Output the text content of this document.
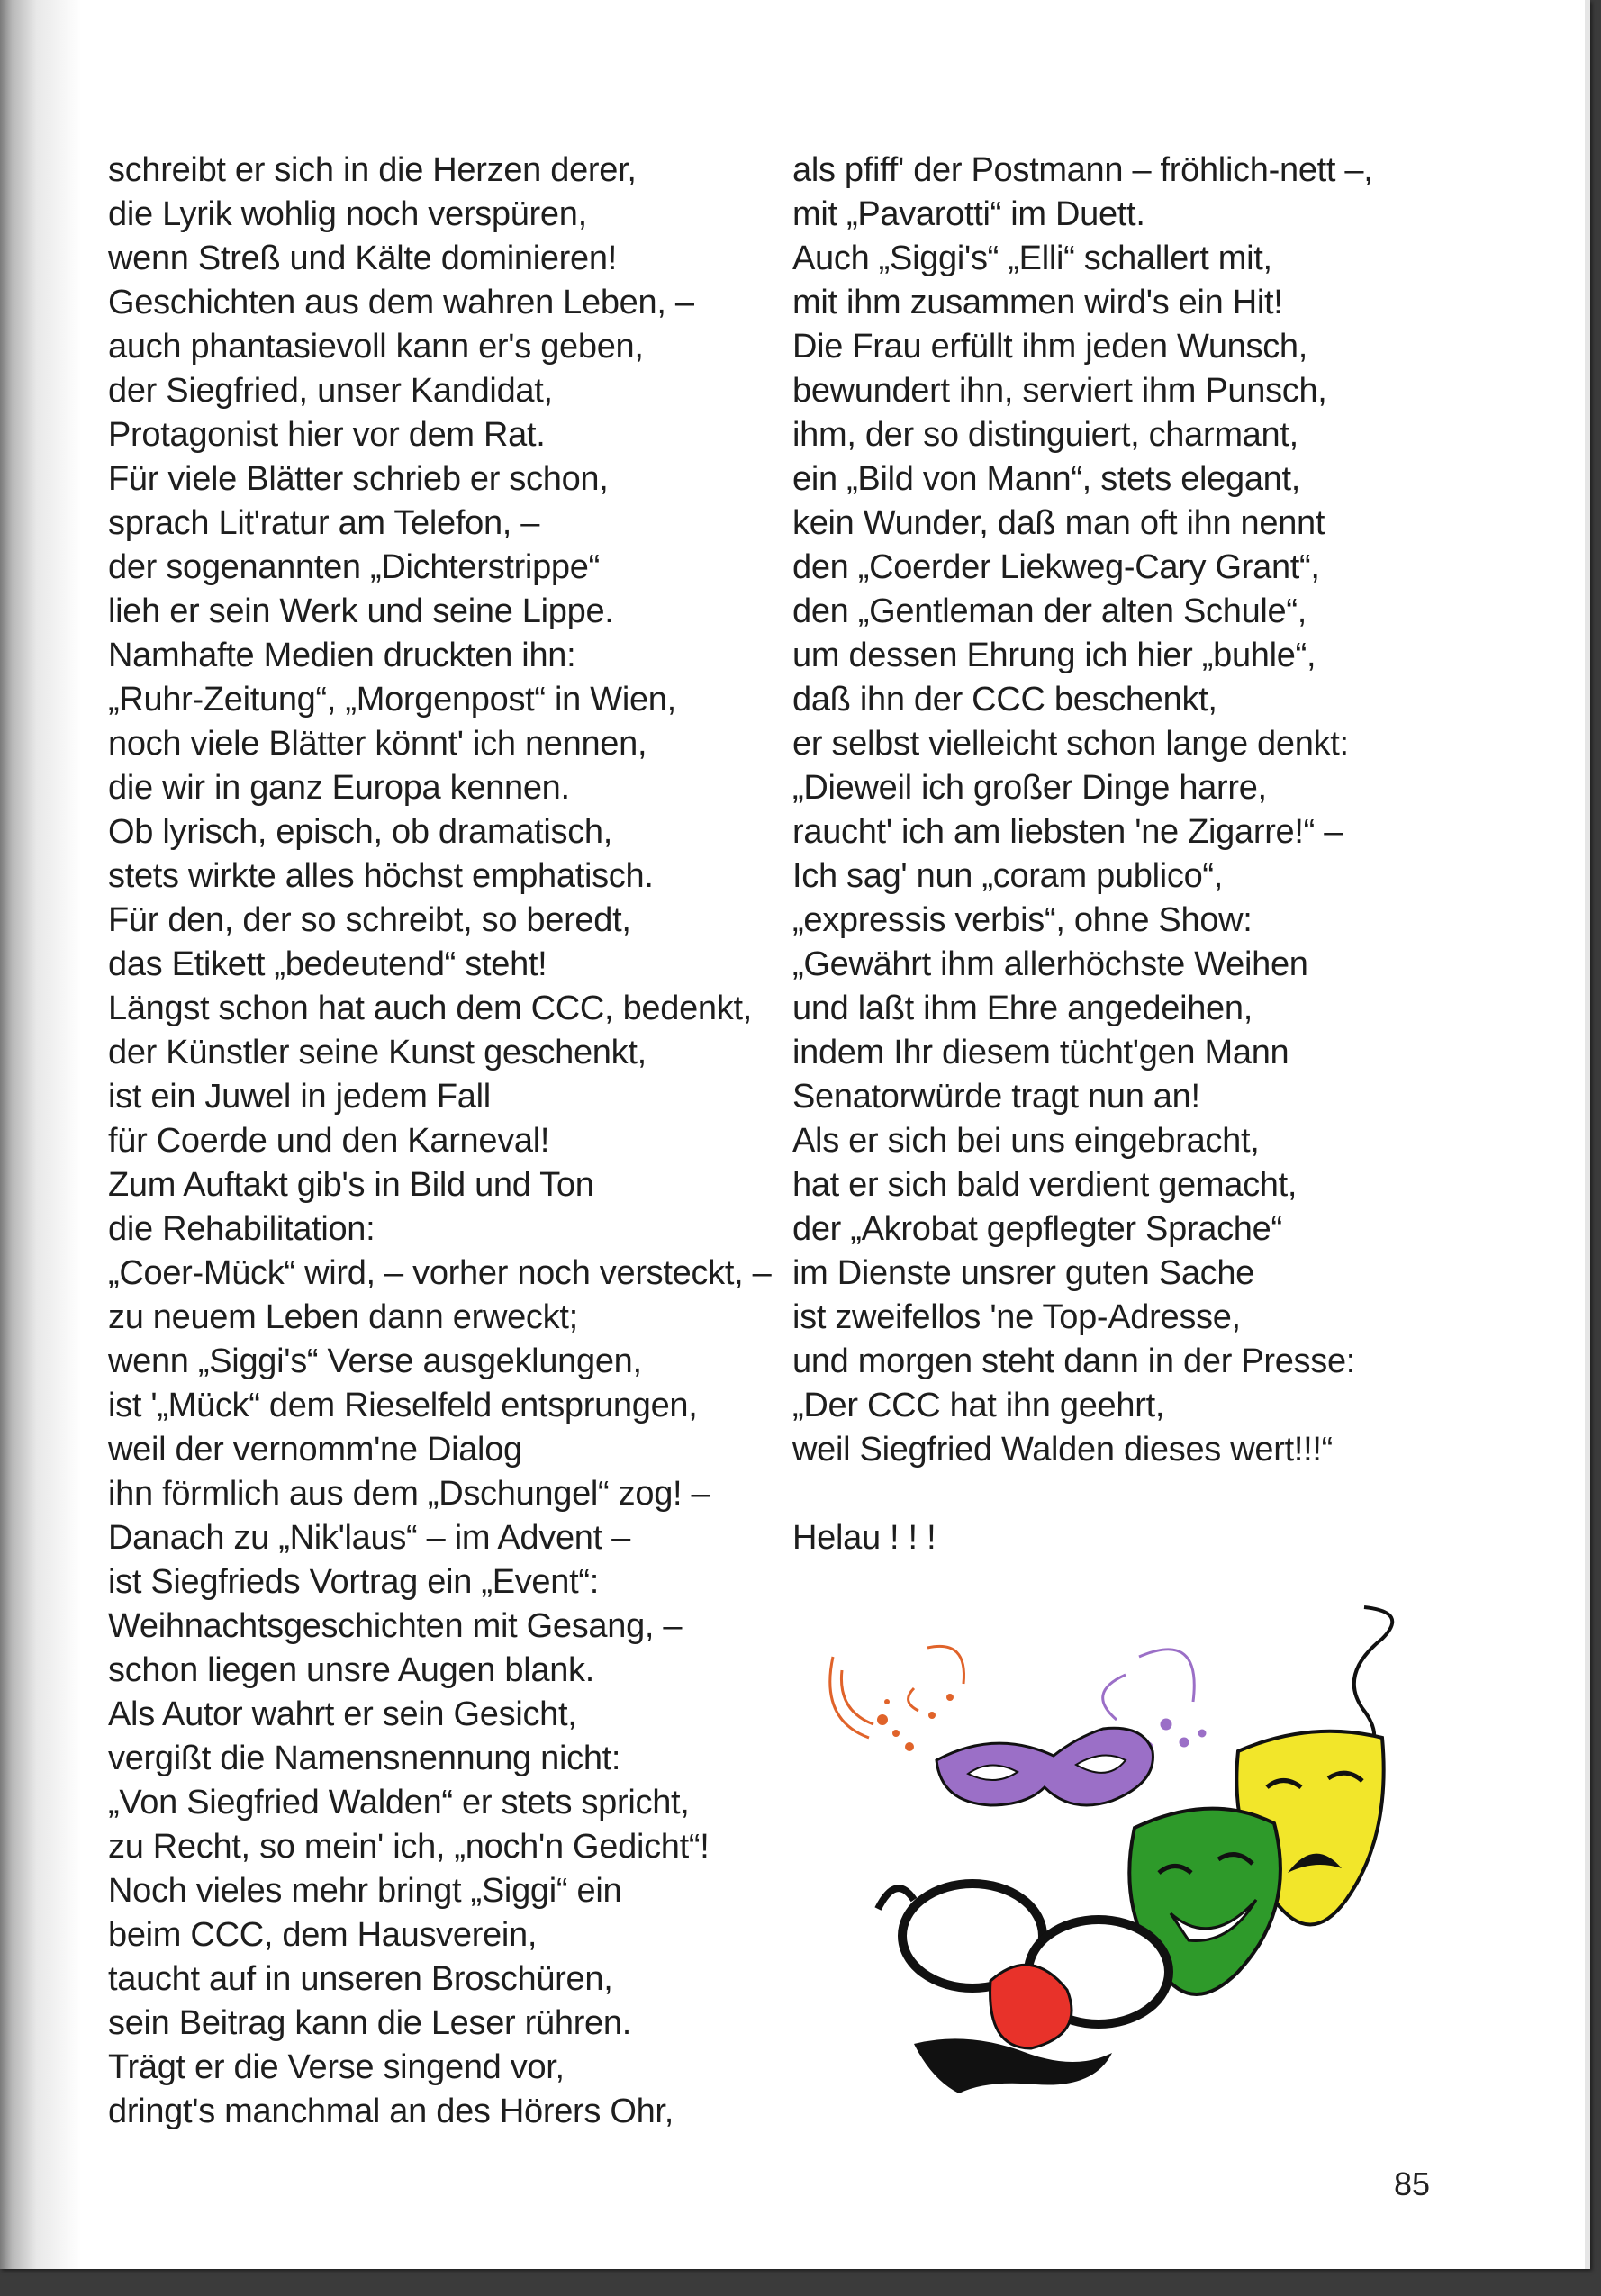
schreibt er sich in die Herzen derer,
die Lyrik wohlig noch verspüren,
wenn Streß und Kälte dominieren!
Geschichten aus dem wahren Leben, –
auch phantasievoll kann er's geben,
der Siegfried, unser Kandidat,
Protagonist hier vor dem Rat.
Für viele Blätter schrieb er schon,
sprach Lit'ratur am Telefon, –
der sogenannten „Dichterstrippe“
lieh er sein Werk und seine Lippe.
Namhafte Medien druckten ihn:
„Ruhr-Zeitung“, „Morgenpost“ in Wien,
noch viele Blätter könnt' ich nennen,
die wir in ganz Europa kennen.
Ob lyrisch, episch, ob dramatisch,
stets wirkte alles höchst emphatisch.
Für den, der so schreibt, so beredt,
das Etikett „bedeutend“ steht!
Längst schon hat auch dem CCC, bedenkt,
der Künstler seine Kunst geschenkt,
ist ein Juwel in jedem Fall
für Coerde und den Karneval!
Zum Auftakt gib's in Bild und Ton
die Rehabilitation:
„Coer-Mück“ wird, – vorher noch versteckt, –
zu neuem Leben dann erweckt;
wenn „Siggi's“ Verse ausgeklungen,
ist '„Mück“ dem Rieselfeld entsprungen,
weil der vernomm'ne Dialog
ihn förmlich aus dem „Dschungel“ zog! –
Danach zu „Nik'laus“ – im Advent –
ist Siegfrieds Vortrag ein „Event“:
Weihnachtsgeschichten mit Gesang, –
schon liegen unsre Augen blank.
Als Autor wahrt er sein Gesicht,
vergißt die Namensnennung nicht:
„Von Siegfried Walden“ er stets spricht,
zu Recht, so mein' ich, „noch'n Gedicht“!
Noch vieles mehr bringt „Siggi“ ein
beim CCC, dem Hausverein,
taucht auf in unseren Broschüren,
sein Beitrag kann die Leser rühren.
Trägt er die Verse singend vor,
dringt's manchmal an des Hörers Ohr,
als pfiff' der Postmann – fröhlich-nett –,
mit „Pavarotti“ im Duett.
Auch „Siggi's“ „Elli“ schallert mit,
mit ihm zusammen wird's ein Hit!
Die Frau erfüllt ihm jeden Wunsch,
bewundert ihn, serviert ihm Punsch,
ihm, der so distinguiert, charmant,
ein „Bild von Mann“, stets elegant,
kein Wunder, daß man oft ihn nennt
den „Coerder Liekweg-Cary Grant“,
den „Gentleman der alten Schule“,
um dessen Ehrung ich hier „buhle“,
daß ihn der CCC beschenkt,
er selbst vielleicht schon lange denkt:
„Dieweil ich großer Dinge harre,
raucht' ich am liebsten 'ne Zigarre!“ –
Ich sag' nun „coram publico“,
„expressis verbis“, ohne Show:
„Gewährt ihm allerhöchste Weihen
und laßt ihm Ehre angedeihen,
indem Ihr diesem tücht'gen Mann
Senatorwürde tragt nun an!
Als er sich bei uns eingebracht,
hat er sich bald verdient gemacht,
der „Akrobat gepflegter Sprache“
im Dienste unsrer guten Sache
ist zweifellos 'ne Top-Adresse,
und morgen steht dann in der Presse:
„Der CCC hat ihn geehrt,
weil Siegfried Walden dieses wert!!!“
Helau ! ! !
85
